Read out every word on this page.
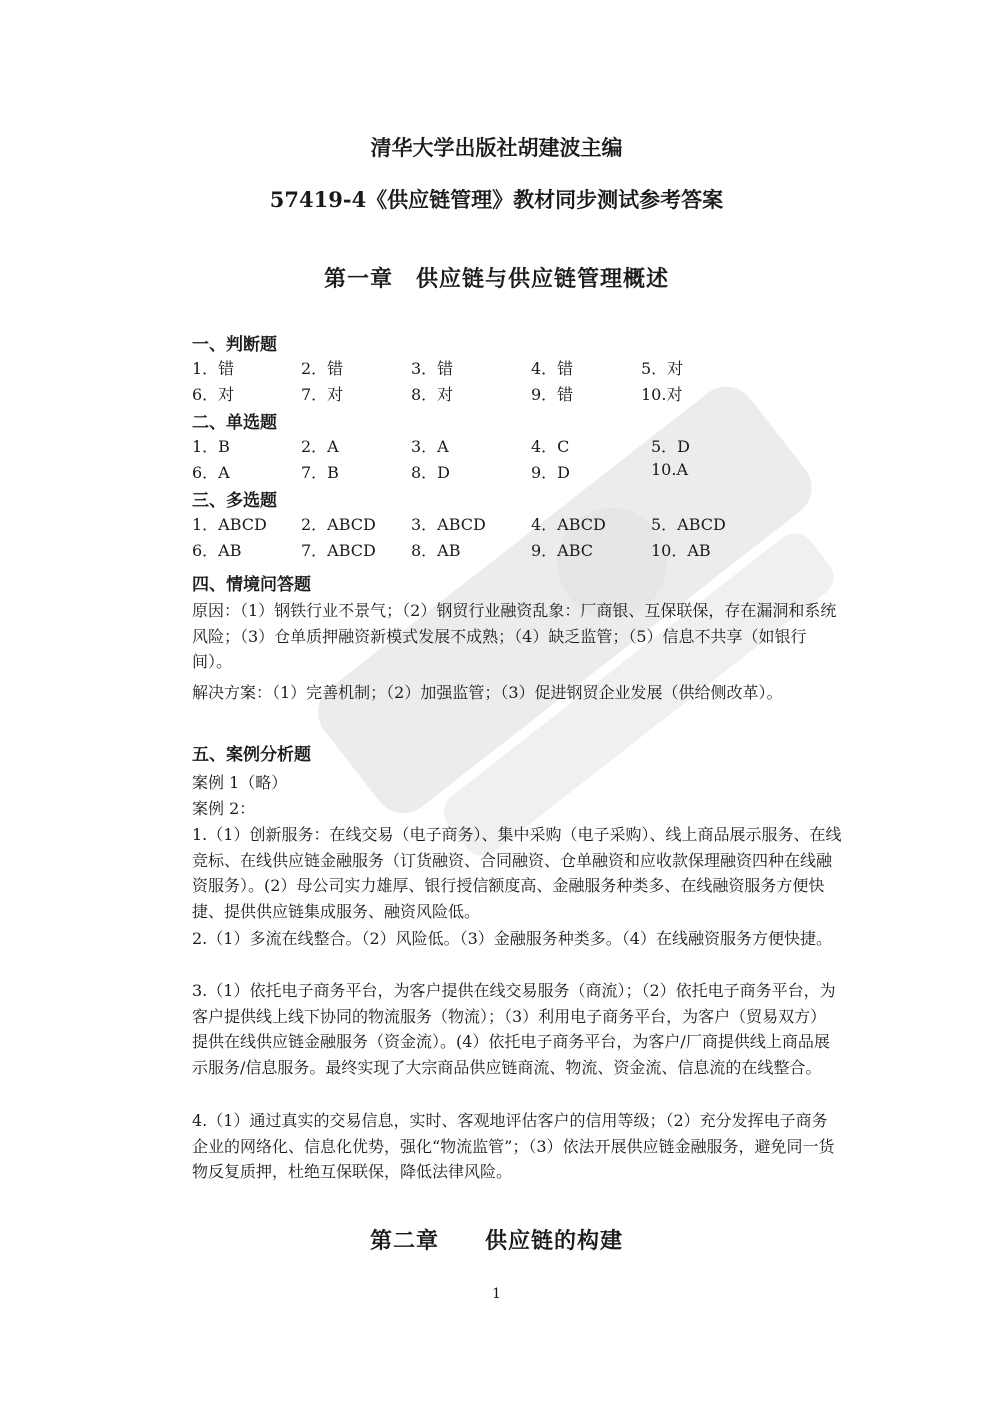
清华大学出版社胡建波主编
57419-4《供应链管理》教材同步测试参考答案
第一章　供应链与供应链管理概述
一、判断题
1．错	2．错	3．错	4．错	5．对
6．对	7．对	8．对	9．错	10.对
二、单选题
1．B	2．A	3．A	4．C	5．D
6．A	7．B	8．D	9．D	10.A
三、多选题
1．ABCD 2．ABCD 3．ABCD	4．ABCD	5．ABCD
6．AB	7．ABCD 8．AB	9．ABC	10．AB
四、情境问答题
原因：（1）钢铁行业不景气；（2）钢贸行业融资乱象：厂商银、互保联保，存在漏洞和系统风险；（3）仓单质押融资新模式发展不成熟；（4）缺乏监管；（5）信息不共享（如银行间）。
解决方案：（1）完善机制；（2）加强监管；（3）促进钢贸企业发展（供给侧改革）。
五、案例分析题
案例 1（略）
案例 2：
1.（1）创新服务：在线交易（电子商务）、集中采购（电子采购）、线上商品展示服务、在线竞标、在线供应链金融服务（订货融资、合同融资、仓单融资和应收款保理融资四种在线融资服务）。(2）母公司实力雄厚、银行授信额度高、金融服务种类多、在线融资服务方便快捷、提供供应链集成服务、融资风险低。
2.（1）多流在线整合。（2）风险低。（3）金融服务种类多。（4）在线融资服务方便快捷。
3.（1）依托电子商务平台，为客户提供在线交易服务（商流）；（2）依托电子商务平台，为客户提供线上线下协同的物流服务（物流）；（3）利用电子商务平台，为客户（贸易双方）提供在线供应链金融服务（资金流）。(4）依托电子商务平台，为客户/厂商提供线上商品展示服务/信息服务。最终实现了大宗商品供应链商流、物流、资金流、信息流的在线整合。
4.（1）通过真实的交易信息，实时、客观地评估客户的信用等级；（2）充分发挥电子商务企业的网络化、信息化优势，强化“物流监管”；（3）依法开展供应链金融服务，避免同一货物反复质押，杜绝互保联保，降低法律风险。
第二章　　供应链的构建
1
